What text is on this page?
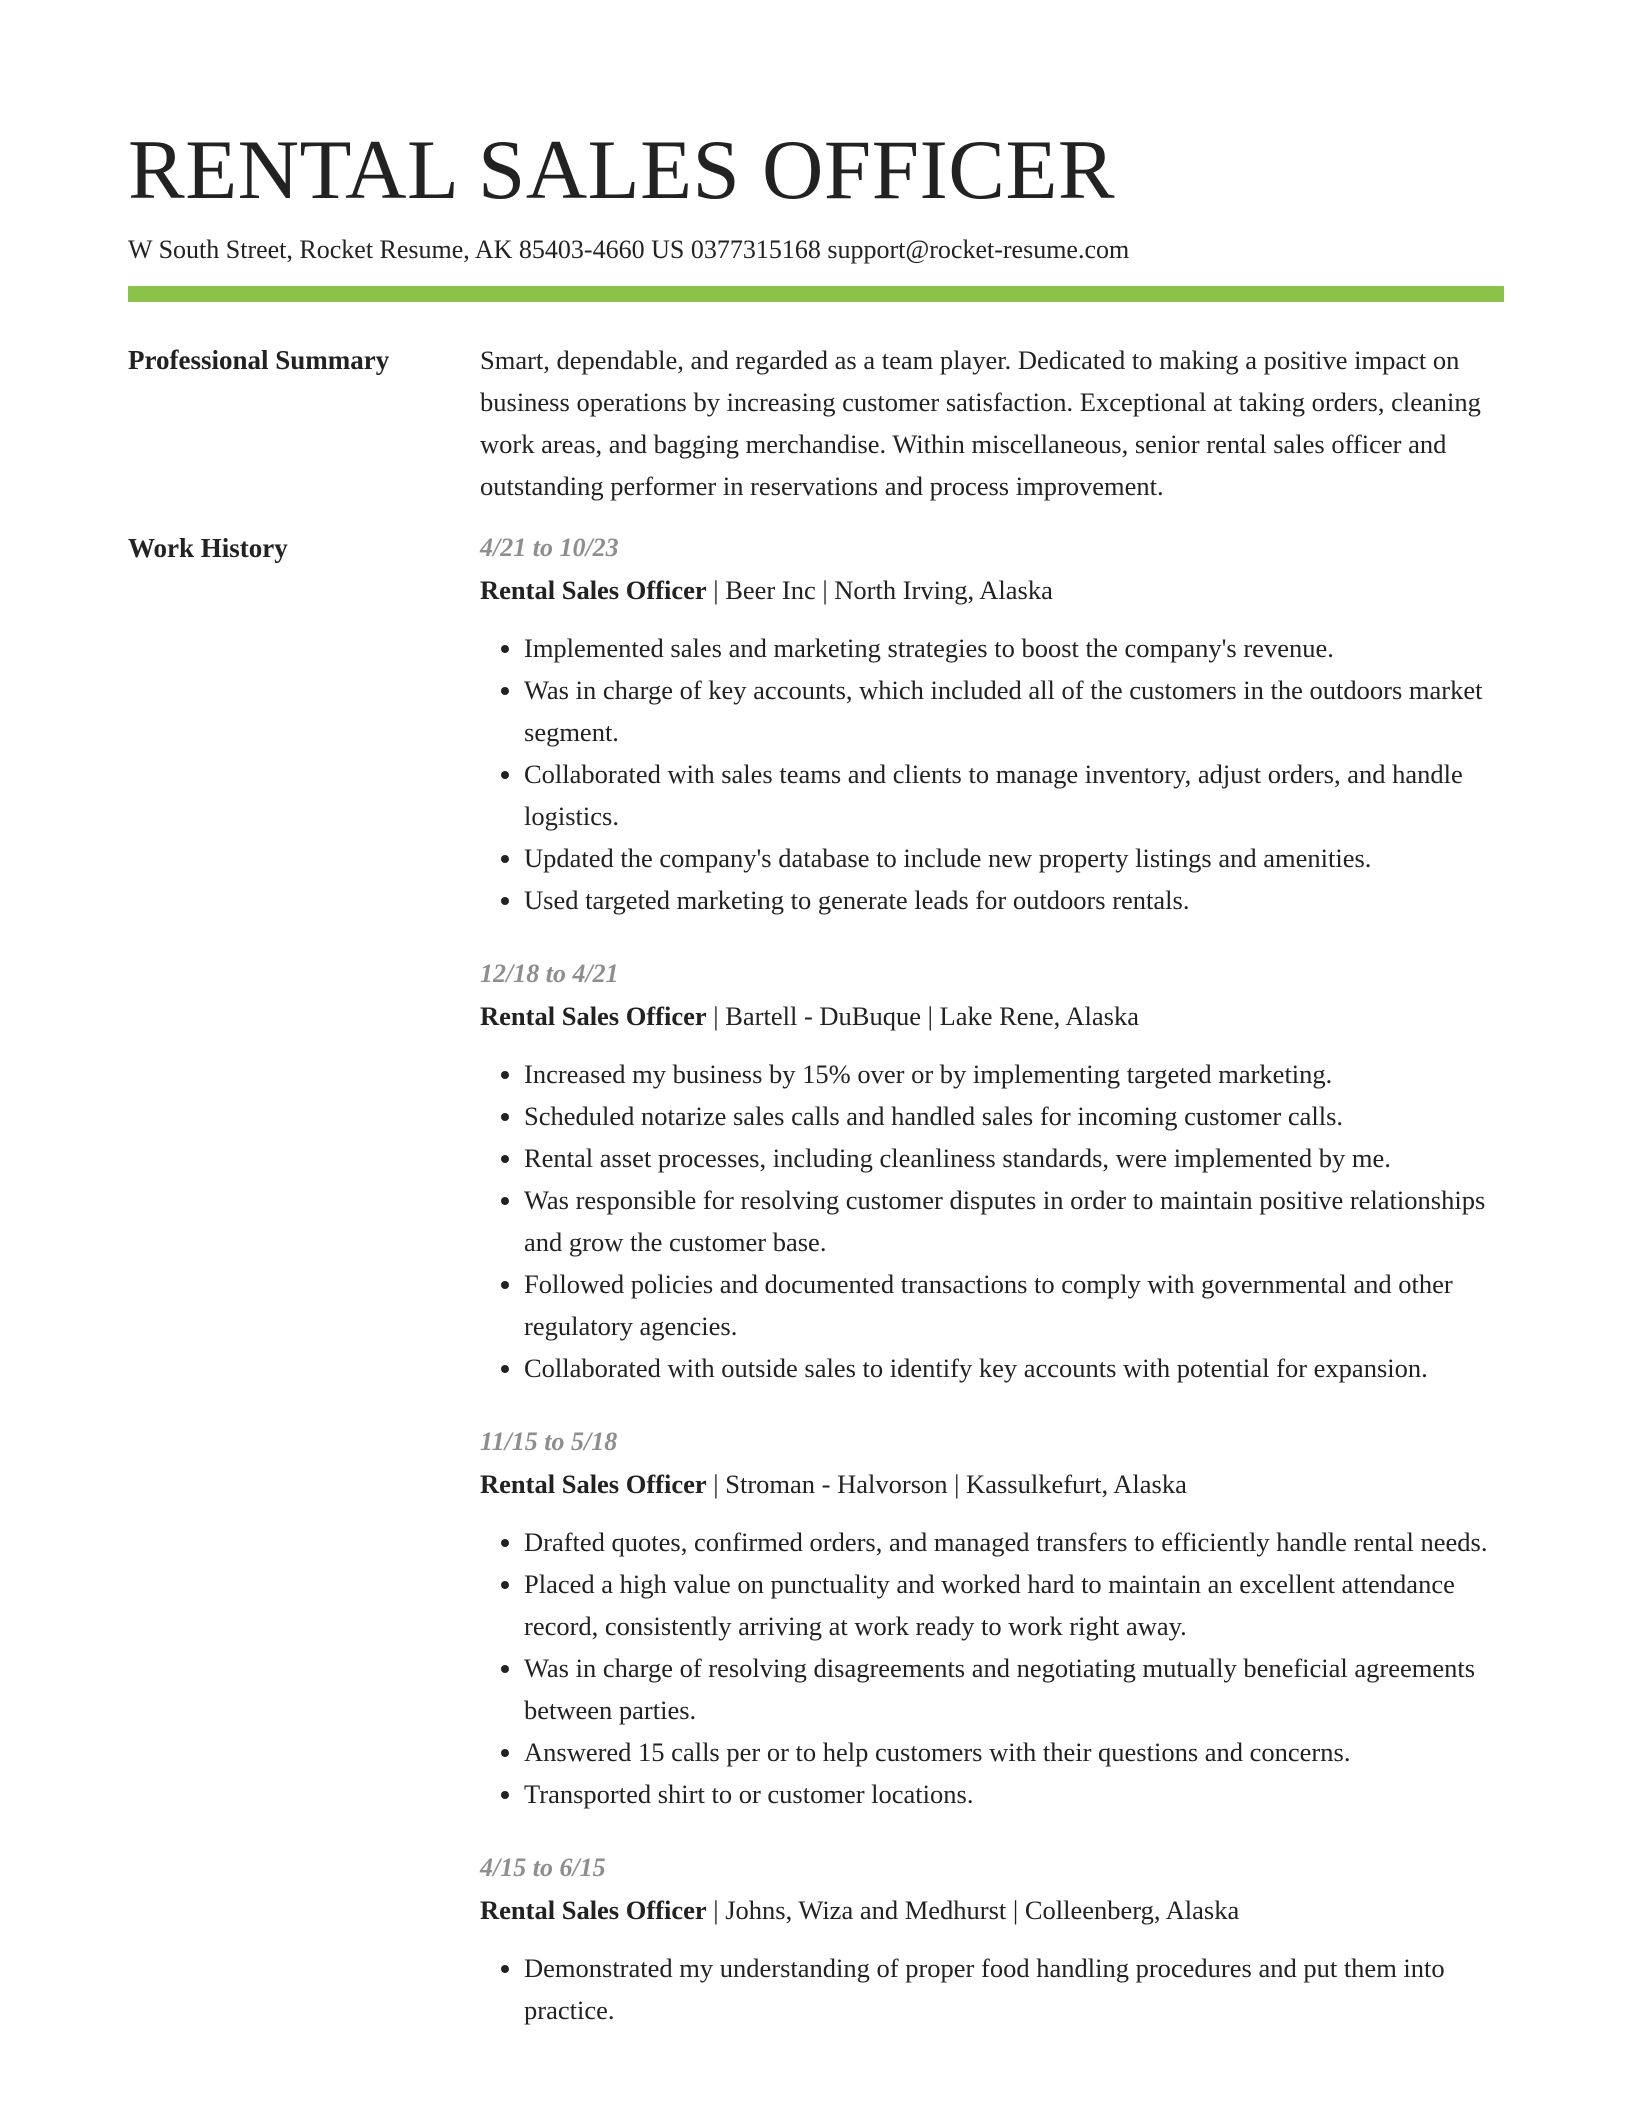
RENTAL SALES OFFICER
W South Street, Rocket Resume, AK 85403-4660 US 0377315168 support@rocket-resume.com
Professional Summary	Smart, dependable, and regarded as a team player. Dedicated to making a positive impact on business operations by increasing customer satisfaction. Exceptional at taking orders, cleaning work areas, and bagging merchandise. Within miscellaneous, senior rental sales officer and outstanding performer in reservations and process improvement.
Work History	4/21 to 10/23
Rental Sales Officer | Beer Inc | North Irving, Alaska
• Implemented sales and marketing strategies to boost the company's revenue.
• Was in charge of key accounts, which included all of the customers in the outdoors market segment.
• Collaborated with sales teams and clients to manage inventory, adjust orders, and handle logistics.
• Updated the company's database to include new property listings and amenities.
• Used targeted marketing to generate leads for outdoors rentals.
12/18 to 4/21
Rental Sales Officer | Bartell - DuBuque | Lake Rene, Alaska
• Increased my business by 15% over or by implementing targeted marketing.
• Scheduled notarize sales calls and handled sales for incoming customer calls.
• Rental asset processes, including cleanliness standards, were implemented by me.
• Was responsible for resolving customer disputes in order to maintain positive relationships and grow the customer base.
• Followed policies and documented transactions to comply with governmental and other regulatory agencies.
• Collaborated with outside sales to identify key accounts with potential for expansion.
11/15 to 5/18
Rental Sales Officer | Stroman - Halvorson | Kassulkefurt, Alaska
• Drafted quotes, confirmed orders, and managed transfers to efficiently handle rental needs.
• Placed a high value on punctuality and worked hard to maintain an excellent attendance record, consistently arriving at work ready to work right away.
• Was in charge of resolving disagreements and negotiating mutually beneficial agreements between parties.
• Answered 15 calls per or to help customers with their questions and concerns.
• Transported shirt to or customer locations.
4/15 to 6/15
Rental Sales Officer | Johns, Wiza and Medhurst | Colleenberg, Alaska
• Demonstrated my understanding of proper food handling procedures and put them into practice.
